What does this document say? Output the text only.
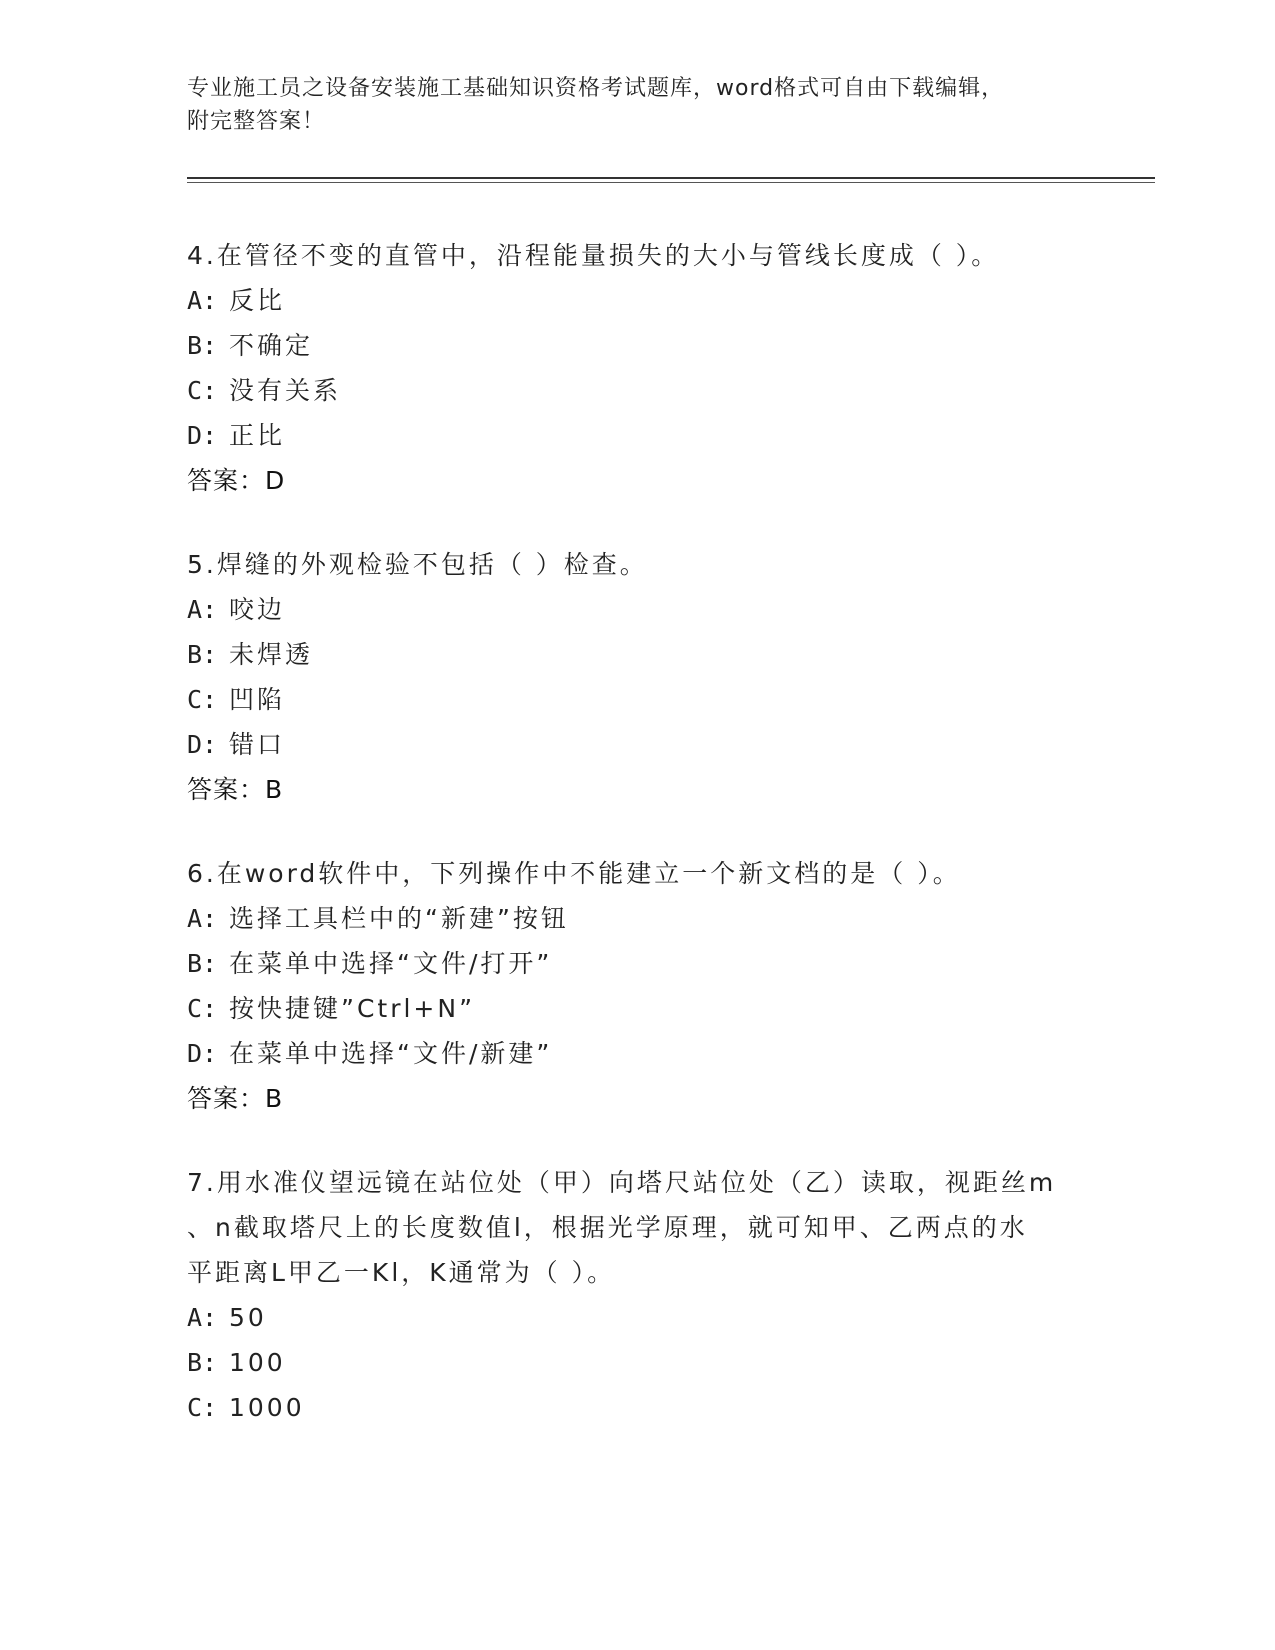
专业施工员之设备安装施工基础知识资格考试题库，word格式可自由下载编辑，
附完整答案！
4.在管径不变的直管中，沿程能量损失的大小与管线长度成（ ）。
A: 反比
B: 不确定
C: 没有关系
D: 正比
答案：D
5.焊缝的外观检验不包括（ ）检查。
A: 咬边
B: 未焊透
C: 凹陷
D: 错口
答案：B
6.在word软件中，下列操作中不能建立一个新文档的是（ ）。
A: 选择工具栏中的“新建”按钮
B: 在菜单中选择“文件/打开”
C: 按快捷键”Ctrl+N”
D: 在菜单中选择“文件/新建”
答案：B
7.用水准仪望远镜在站位处（甲）向塔尺站位处（乙）读取，视距丝m
、n截取塔尺上的长度数值l，根据光学原理，就可知甲、乙两点的水
平距离L甲乙一Kl，K通常为（ ）。
A: 50
B: 100
C: 1000
